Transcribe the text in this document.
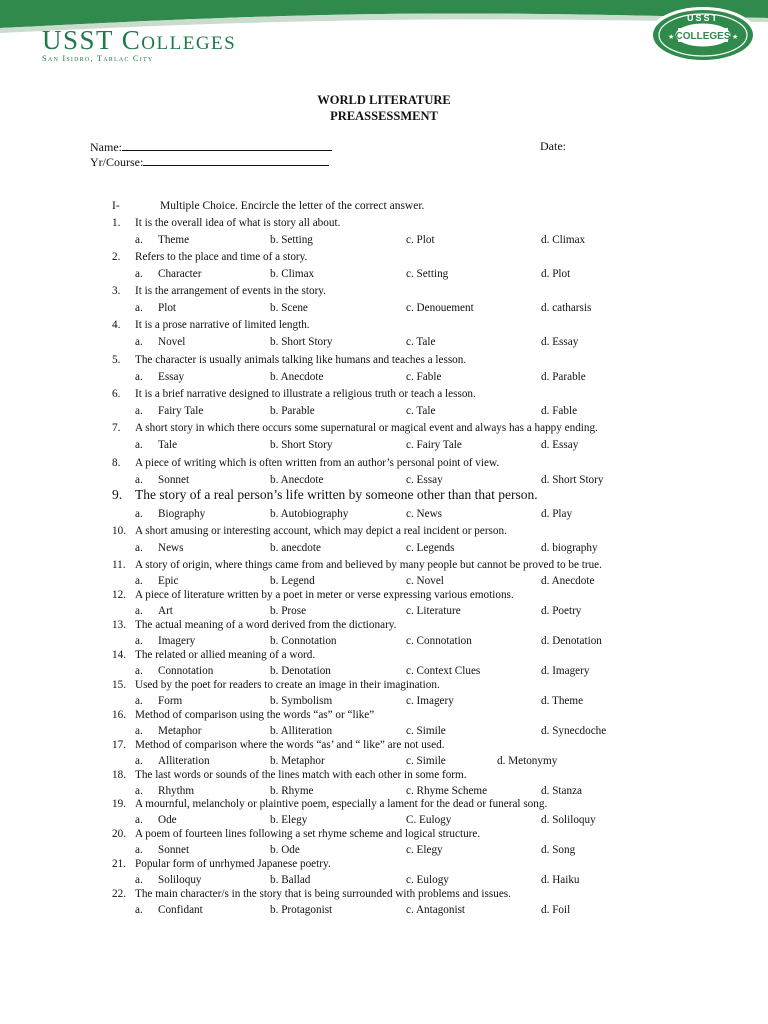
USST Colleges
San Isidro, Tarlac City
COLLEGES
USST
★	★
WORLD LITERATURE
PREASSESSMENT
Name:	Date:
Yr/Course:
I-	Multiple Choice. Encircle the letter of the correct answer.
1. It is the overall idea of what is story all about.
a. Theme	b. Setting	c. Plot	d. Climax
2. Refers to the place and time of a story.
a. Character	b. Climax	c. Setting	d. Plot
3. It is the arrangement of events in the story.
a. Plot	b. Scene	c. Denouement	d. catharsis
4. It is a prose narrative of limited length.
a. Novel	b. Short Story	c. Tale	d. Essay
5. The character is usually animals talking like humans and teaches a lesson.
a. Essay	b. Anecdote	c. Fable	d. Parable
6. It is a brief narrative designed to illustrate a religious truth or teach a lesson.
a. Fairy Tale	b. Parable	c. Tale	d. Fable
7. A short story in which there occurs some supernatural or magical event and always has a happy ending.
a. Tale	b. Short Story	c. Fairy Tale	d. Essay
8. A piece of writing which is often written from an author’s personal point of view.
a. Sonnet	b. Anecdote	c. Essay	d. Short Story
9. The story of a real person’s life written by someone other than that person.
a. Biography	b. Autobiography	c. News	d. Play
10. A short amusing or interesting account, which may depict a real incident or person.
a. News	b. anecdote	c. Legends	d. biography
11. A story of origin, where things came from and believed by many people but cannot be proved to be true.
a. Epic	b. Legend	c. Novel	d. Anecdote
12. A piece of literature written by a poet in meter or verse expressing various emotions.
a. Art	b. Prose	c. Literature	d. Poetry
13. The actual meaning of a word derived from the dictionary.
a. Imagery	b. Connotation	c. Connotation	d. Denotation
14. The related or allied meaning of a word.
a. Connotation	b. Denotation	c. Context Clues	d. Imagery
15. Used by the poet for readers to create an image in their imagination.
a. Form	b. Symbolism	c. Imagery	d. Theme
16. Method of comparison using the words “as” or “like”
a. Metaphor	b. Alliteration	c. Simile	d. Synecdoche
17. Method of comparison where the words “as’ and “ like” are not used.
a. Alliteration	b. Metaphor	c. Simile	d. Metonymy
18. The last words or sounds of the lines match with each other in some form.
a. Rhythm	b. Rhyme	c. Rhyme Scheme	d. Stanza
19. A mournful, melancholy or plaintive poem, especially a lament for the dead or funeral song.
a. Ode	b. Elegy	C. Eulogy	d. Soliloquy
20. A poem of fourteen lines following a set rhyme scheme and logical structure.
a. Sonnet	b. Ode	c. Elegy	d. Song
21. Popular form of unrhymed Japanese poetry.
a. Soliloquy	b. Ballad	c. Eulogy	d. Haiku
22. The main character/s in the story that is being surrounded with problems and issues.
a. Confidant	b. Protagonist	c. Antagonist	d. Foil
